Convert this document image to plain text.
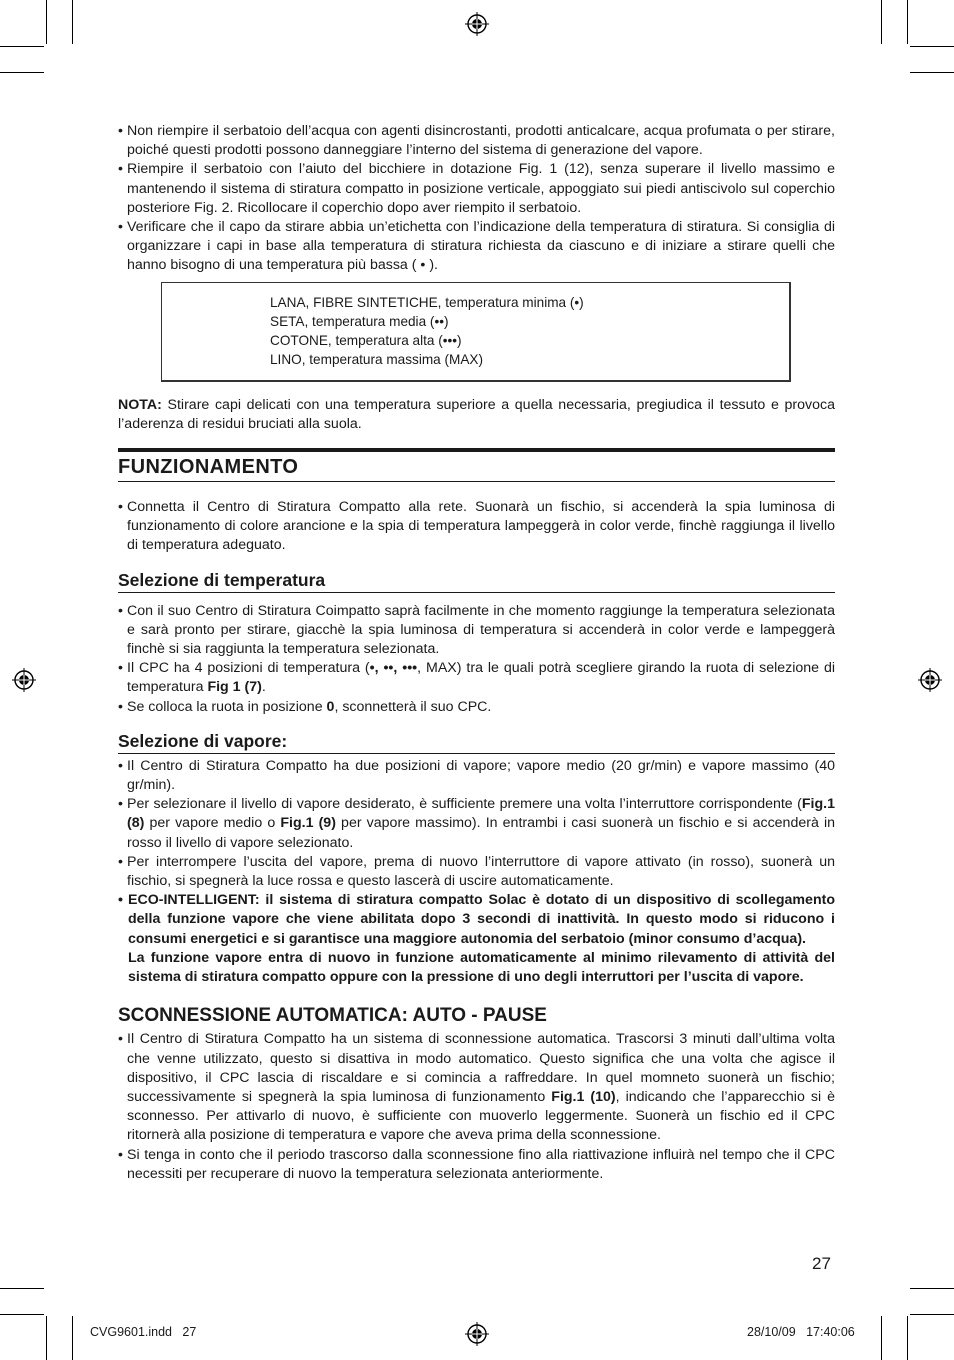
• Non riempire il serbatoio dell’acqua con agenti disincrostanti, prodotti anticalcare, acqua profumata o per stirare, poiché questi prodotti possono danneggiare l’interno del sistema di generazione del vapore.
• Riempire il serbatoio con l’aiuto del bicchiere in dotazione Fig. 1 (12), senza superare il livello massimo e mantenendo il sistema di stiratura compatto in posizione verticale, appoggiato sui piedi antiscivolo sul coperchio posteriore Fig. 2. Ricollocare il coperchio dopo aver riempito il serbatoio.
• Verificare che il capo da stirare abbia un’etichetta con l’indicazione della temperatura di stiratura. Si consiglia di organizzare i capi in base alla temperatura di stiratura richiesta da ciascuno e di iniziare a stirare quelli che hanno bisogno di una temperatura più bassa ( • ).
LANA, FIBRE SINTETICHE, temperatura minima (•)
SETA, temperatura media (••)
COTONE, temperatura alta (•••)
LINO, temperatura massima (MAX)

NOTA: Stirare capi delicati con una temperatura superiore a quella necessaria, pregiudica il tessuto e provoca l’aderenza di residui bruciati alla suola.

FUNZIONAMENTO
• Connetta il Centro di Stiratura Compatto alla rete. Suonarà un fischio, si accenderà la spia luminosa di funzionamento di colore arancione e la spia di temperatura lampeggerà in color verde, finchè raggiunga il livello di temperatura adeguato.
Selezione di temperatura
• Con il suo Centro di Stiratura Coimpatto saprà facilmente in che momento raggiunge la temperatura selezionata e sarà pronto per stirare, giacchè la spia luminosa di temperatura si accenderà in color verde e lampeggerà finchè si sia raggiunta la temperatura selezionata.
• Il CPC ha 4 posizioni di temperatura (•, ••, •••, MAX) tra le quali potrà scegliere girando la ruota di selezione di temperatura Fig 1 (7).
• Se colloca la ruota in posizione 0, sconnetterà il suo CPC.
Selezione di vapore:
• Il Centro di Stiratura Compatto ha due posizioni di vapore; vapore medio (20 gr/min) e vapore massimo (40 gr/min).
• Per selezionare il livello di vapore desiderato, è sufficiente premere una volta l’interruttore corrispondente (Fig.1 (8) per vapore medio o Fig.1 (9) per vapore massimo). In entrambi i casi suonerà un fischio e si accenderà in rosso il livello di vapore selezionato.
• Per interrompere l’uscita del vapore, prema di nuovo l’interruttore di vapore attivato (in rosso), suonerà un fischio, si spegnerà la luce rossa e questo lascerà di uscire automaticamente.
• ECO-INTELLIGENT: il sistema di stiratura compatto Solac è dotato di un dispositivo di scollegamento della funzione vapore che viene abilitata dopo 3 secondi di inattività. In questo modo si riducono i consumi energetici e si garantisce una maggiore autonomia del serbatoio (minor consumo d’acqua).
La funzione vapore entra di nuovo in funzione automaticamente al minimo rilevamento di attività del sistema di stiratura compatto oppure con la pressione di uno degli interruttori per l’uscita di vapore.
SCONNESSIONE AUTOMATICA: AUTO - PAUSE
• Il Centro di Stiratura Compatto ha un sistema di sconnessione automatica. Trascorsi 3 minuti dall’ultima volta che venne utilizzato, questo si disattiva in modo automatico. Questo significa che una volta che agisce il dispositivo, il CPC lascia di riscaldare e si comincia a raffreddare. In quel momneto suonerà un fischio; successivamente si spegnerà la spia luminosa di funzionamento Fig.1 (10), indicando che l’apparecchio si è sconnesso. Per attivarlo di nuovo, è sufficiente con muoverlo leggermente. Suonerà un fischio ed il CPC ritornerà alla posizione di temperatura e vapore che aveva prima della sconnessione.
• Si tenga in conto che il periodo trascorso dalla sconnessione fino alla riattivazione influirà nel tempo che il CPC necessiti per recuperare di nuovo la temperatura selezionata anteriormente.
27
CVG9601.indd   27	28/10/09   17:40:06
